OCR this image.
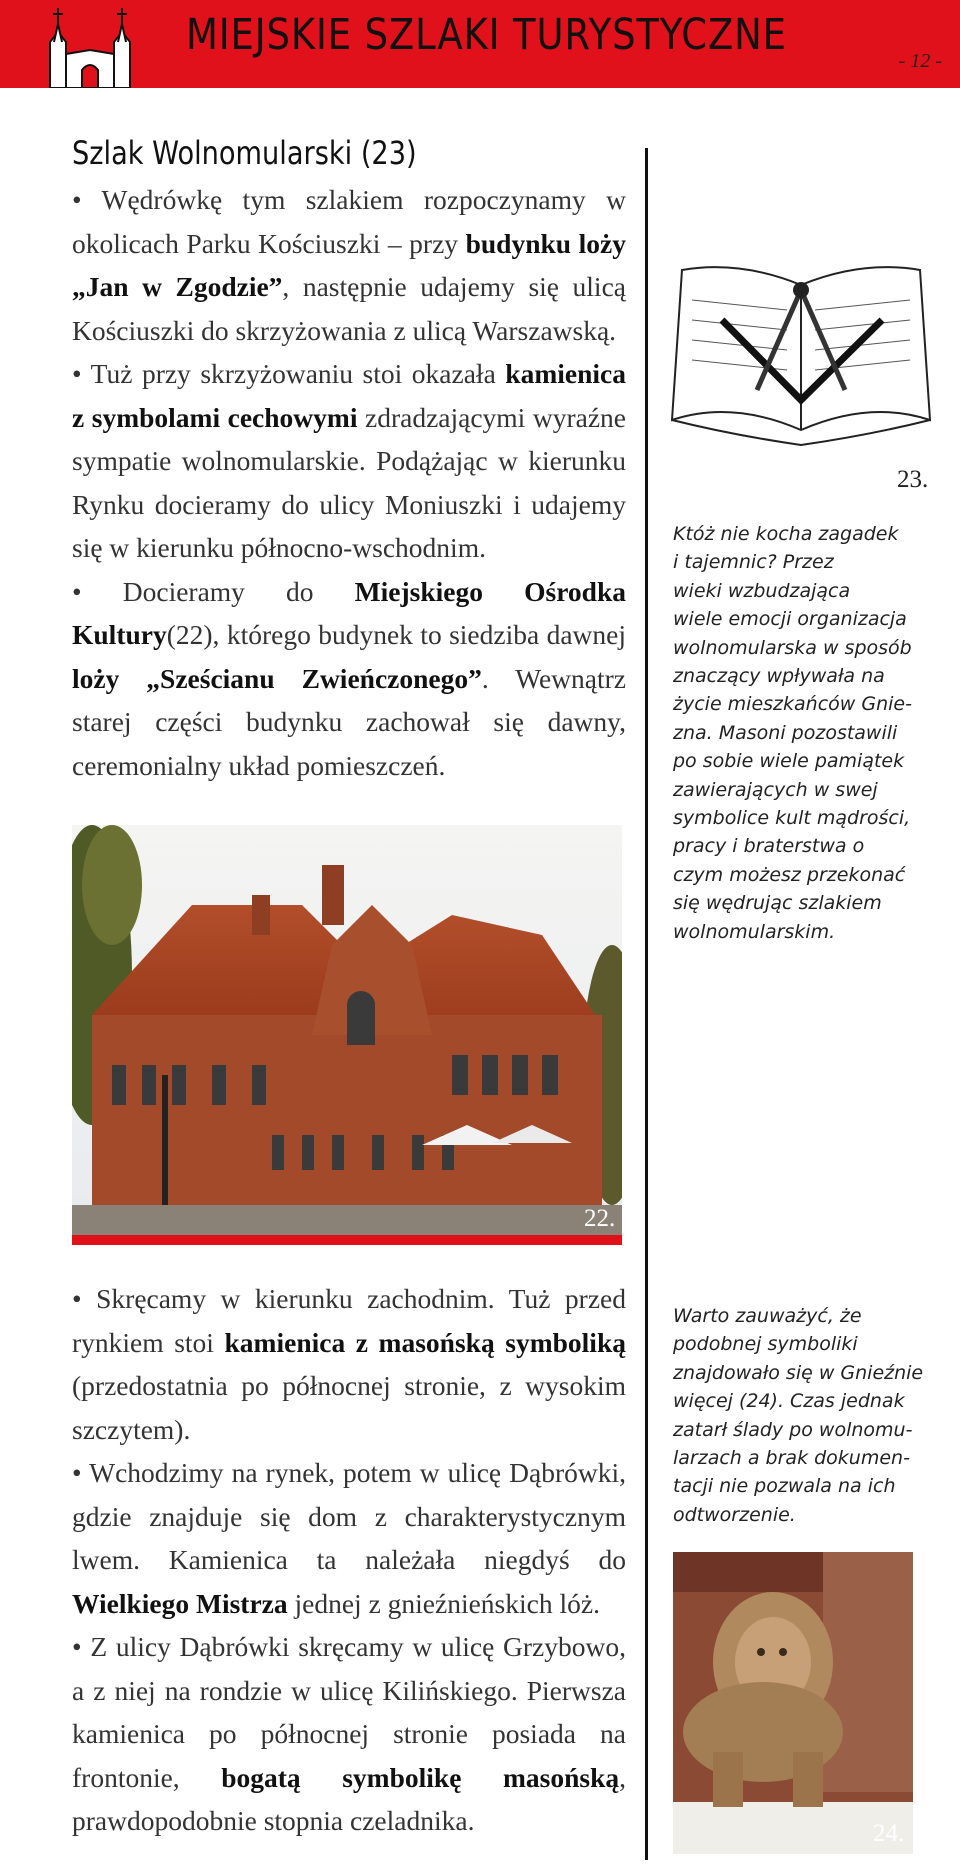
MIEJSKIE SZLAKI TURYSTYCZNE
- 12 -
Szlak Wolnomularski (23)

• Wędrówkę tym szlakiem rozpoczynamy w okolicach Parku Kościuszki – przy budynku loży „Jan w Zgodzie”, następnie udajemy się ulicą Kościuszki do skrzyżowania z ulicą Warszawską.

• Tuż przy skrzyżowaniu stoi okazała kamienica z symbolami cechowymi zdradzającymi wyraźne sympatie wolnomularskie. Podążając w kierunku Rynku docieramy do ulicy Moniuszki i udajemy się w kierunku północno-wschodnim.

• Docieramy do Miejskiego Ośrodka Kultury(22), którego budynek to siedziba dawnej loży „Sześcianu Zwieńczonego”. Wewnątrz starej części budynku zachował się dawny, ceremonialny układ pomieszczeń.

22.
23.

Któż nie kocha zagadek

i tajemnic? Przez

wieki wzbudzająca

wiele emocji organizacja

wolnomularska w sposób

znaczący wpływała na

życie mieszkańców Gnie-

zna. Masoni pozostawili

po sobie wiele pamiątek

zawierających w swej

symbolice kult mądrości,

pracy i braterstwa o

czym możesz przekonać

się wędrując szlakiem

wolnomularskim.

Warto zauważyć, że

podobnej symboliki

znajdowało się w Gnieźnie

więcej (24). Czas jednak

zatarł ślady po wolnomu-

larzach a brak dokumen-

tacji nie pozwala na ich

odtworzenie.

24.

• Skręcamy w kierunku zachodnim. Tuż przed rynkiem stoi kamienica z masońską symboliką (przedostatnia po północnej stronie, z wysokim szczytem).

• Wchodzimy na rynek, potem w ulicę Dąbrówki, gdzie znajduje się dom z charakterystycznym lwem. Kamienica ta należała niegdyś do Wielkiego Mistrza jednej z gnieźnieńskich lóż.

• Z ulicy Dąbrówki skręcamy w ulicę Grzybowo, a z niej na rondzie w ulicę Kilińskiego. Pierwsza kamienica po północnej stronie posiada na frontonie, bogatą symbolikę masońską, prawdopodobnie stopnia czeladnika.
